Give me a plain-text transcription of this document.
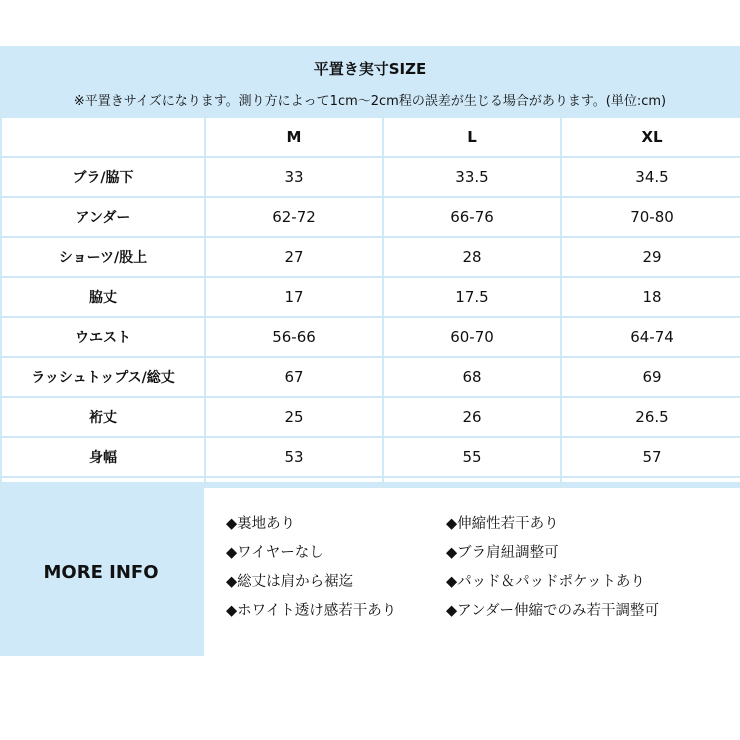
平置き実寸SIZE
※平置きサイズになります。測り方によって1cm〜2cm程の誤差が生じる場合があります。(単位:cm)
	M	L	XL
ブラ/脇下	33	33.5	34.5
アンダー	62-72	66-76	70-80
ショーツ/股上	27	28	29
脇丈	17	17.5	18
ウエスト	56-66	60-70	64-74
ラッシュトップス/総丈	67	68	69
裄丈	25	26	26.5
身幅	53	55	57

MORE INFO
◆裏地あり	◆伸縮性若干あり
◆ワイヤーなし	◆ブラ肩紐調整可
◆総丈は肩から裾迄	◆パッド＆パッドポケットあり
◆ホワイト透け感若干あり	◆アンダー伸縮でのみ若干調整可
